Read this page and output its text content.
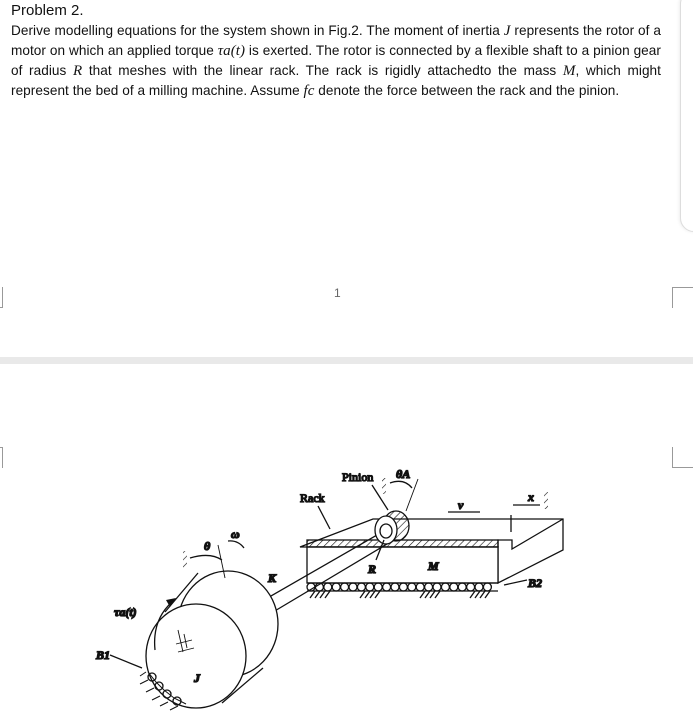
Problem 2.
Derive modelling equations for the system shown in Fig.2. The moment of inertia J represents the rotor of a motor on which an applied torque τa(t) is exerted. The rotor is connected by a flexible shaft to a pinion gear of radius R that meshes with the linear rack. The rack is rigidly attachedto the mass M, which might represent the bed of a milling machine. Assume fc denote the force between the rack and the pinion.
1
Pinion θA
Rack	ν
x
M
R
K	B2
θ
ω
τa(t)
B1
J
